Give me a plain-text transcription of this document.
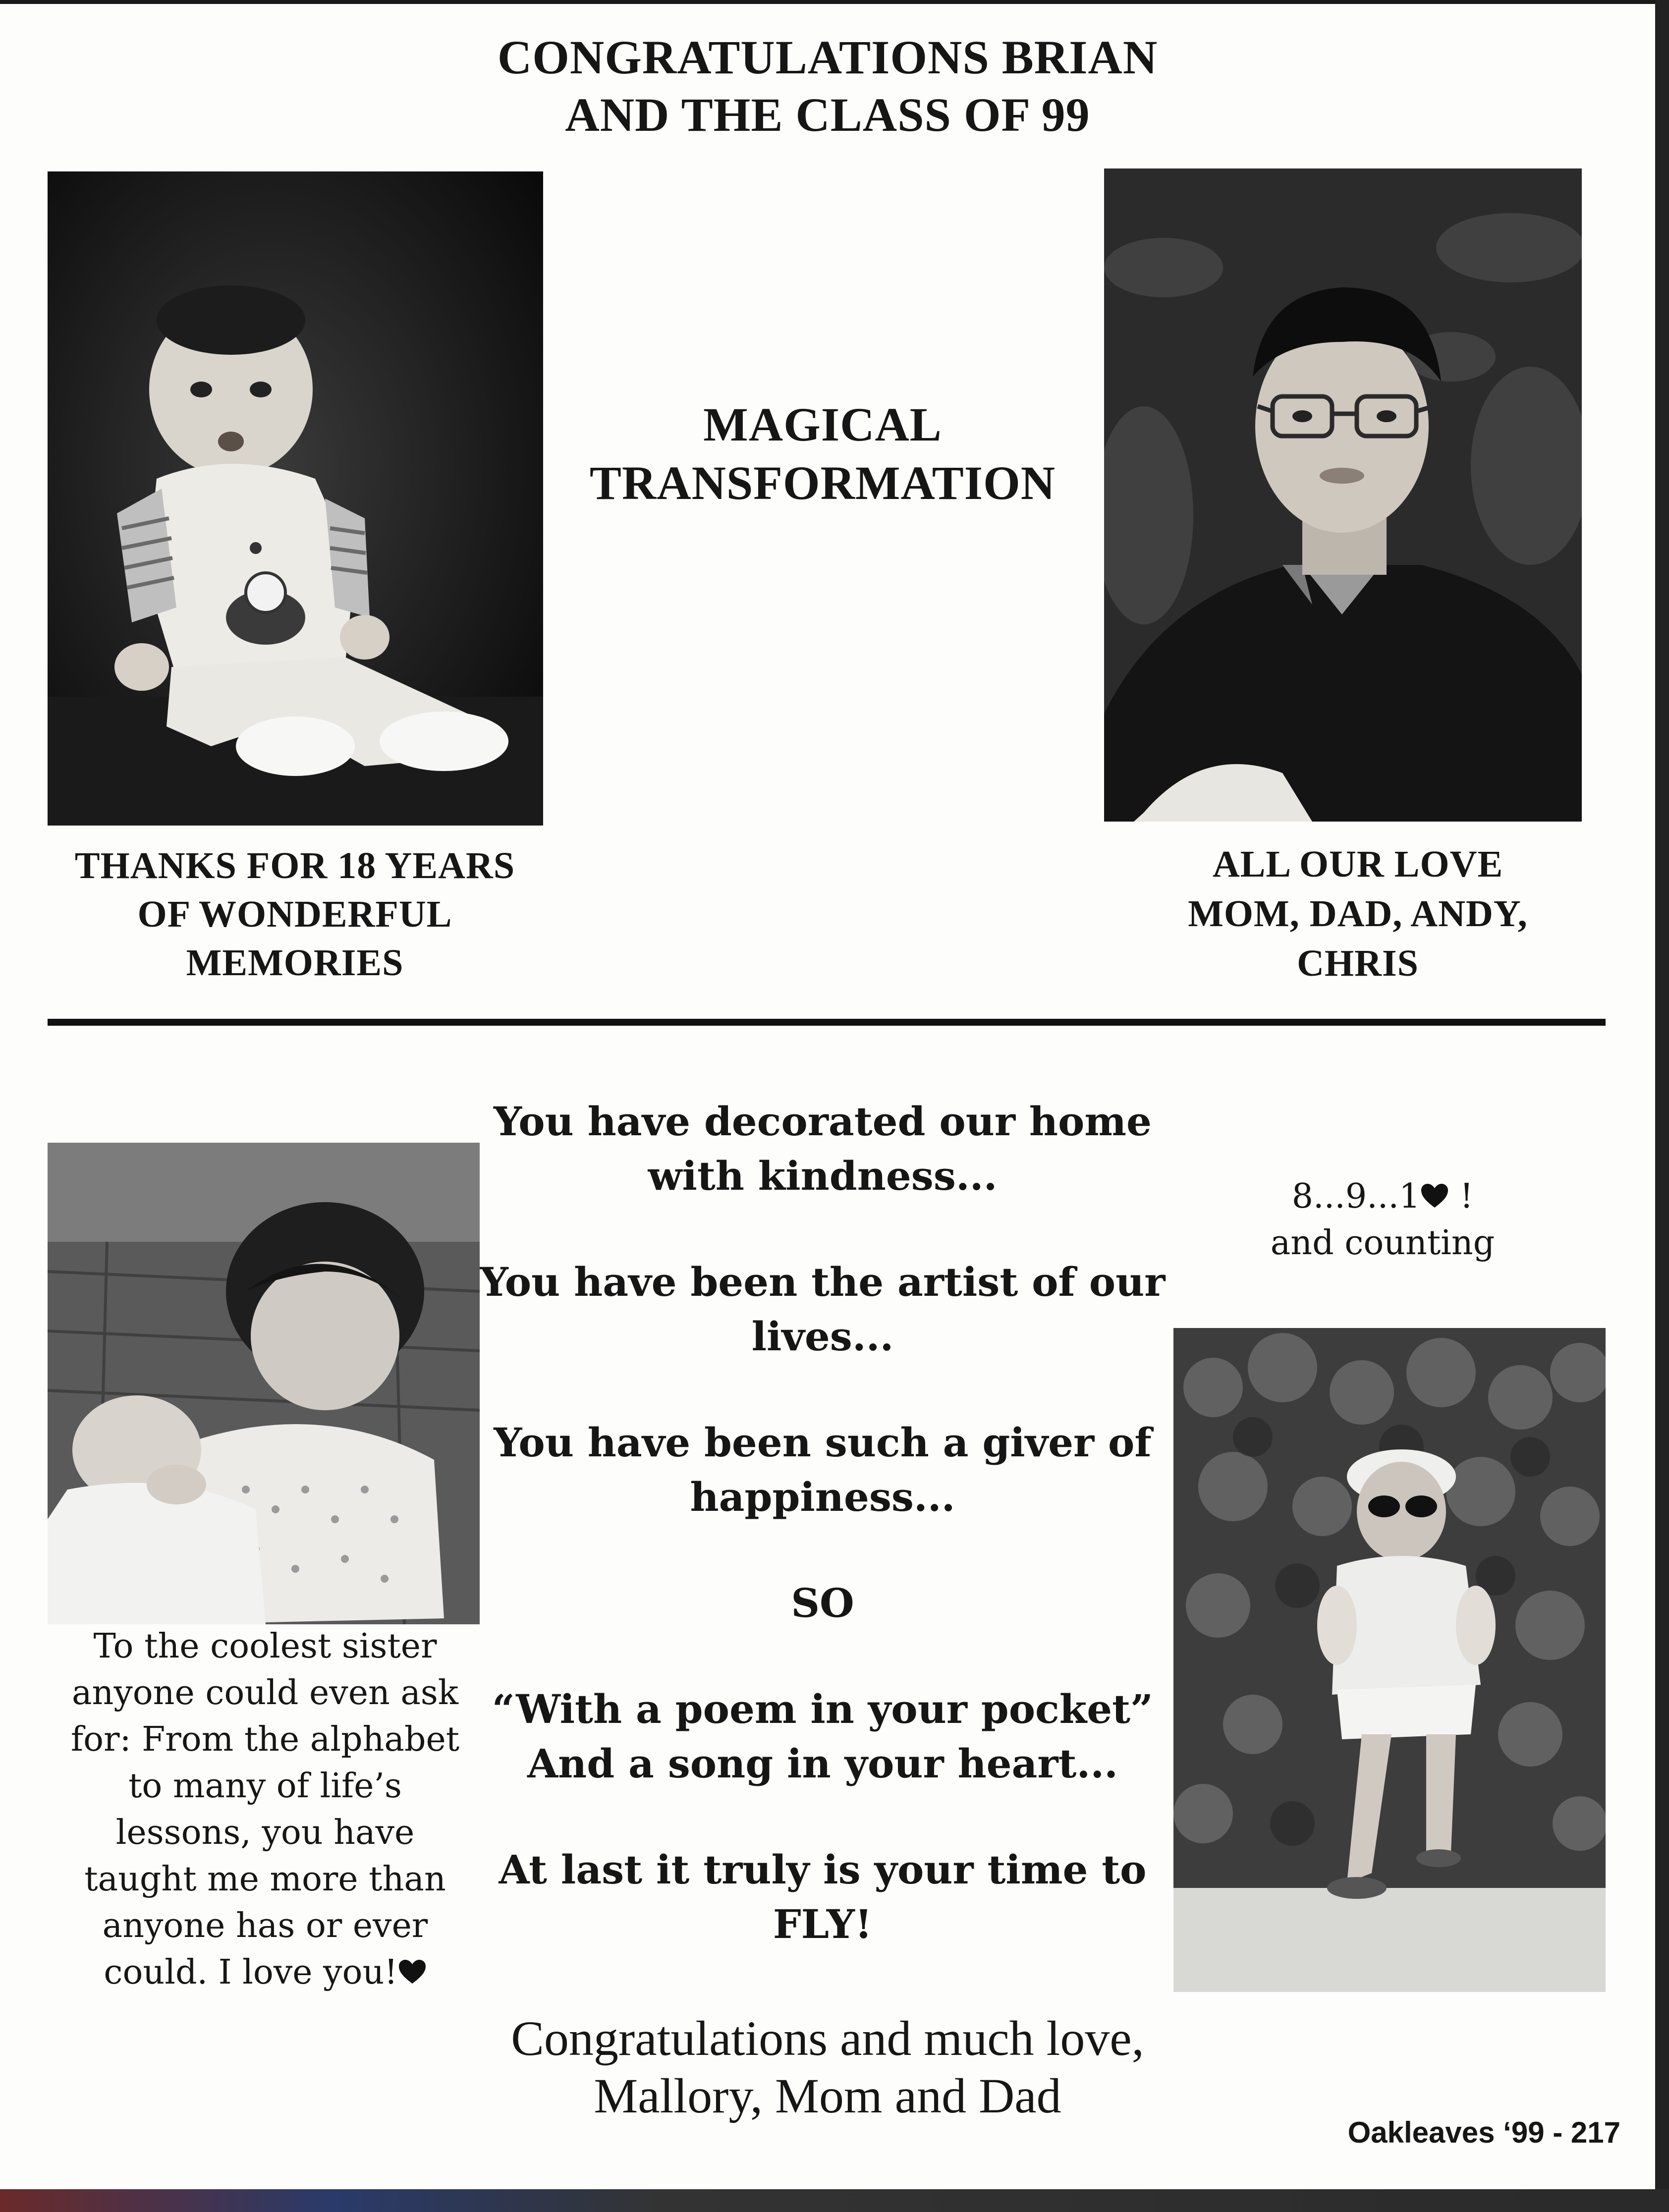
CONGRATULATIONS BRIAN
AND THE CLASS OF 99
MAGICAL
TRANSFORMATION
THANKS FOR 18 YEARS
OF WONDERFUL
MEMORIES
ALL OUR LOVE
MOM, DAD, ANDY,
CHRIS
To the coolest sister
anyone could even ask
for: From the alphabet
to many of life’s
lessons, you have
taught me more than
anyone has or ever
could. I love you!
You have decorated our home
with kindness...
You have been the artist of our
lives...
You have been such a giver of
happiness...
SO
“With a poem in your pocket”
And a song in your heart...
At last it truly is your time to
FLY!
8...9...1 !
and counting
Congratulations and much love,
Mallory, Mom and Dad
Oakleaves ‘99 - 217
